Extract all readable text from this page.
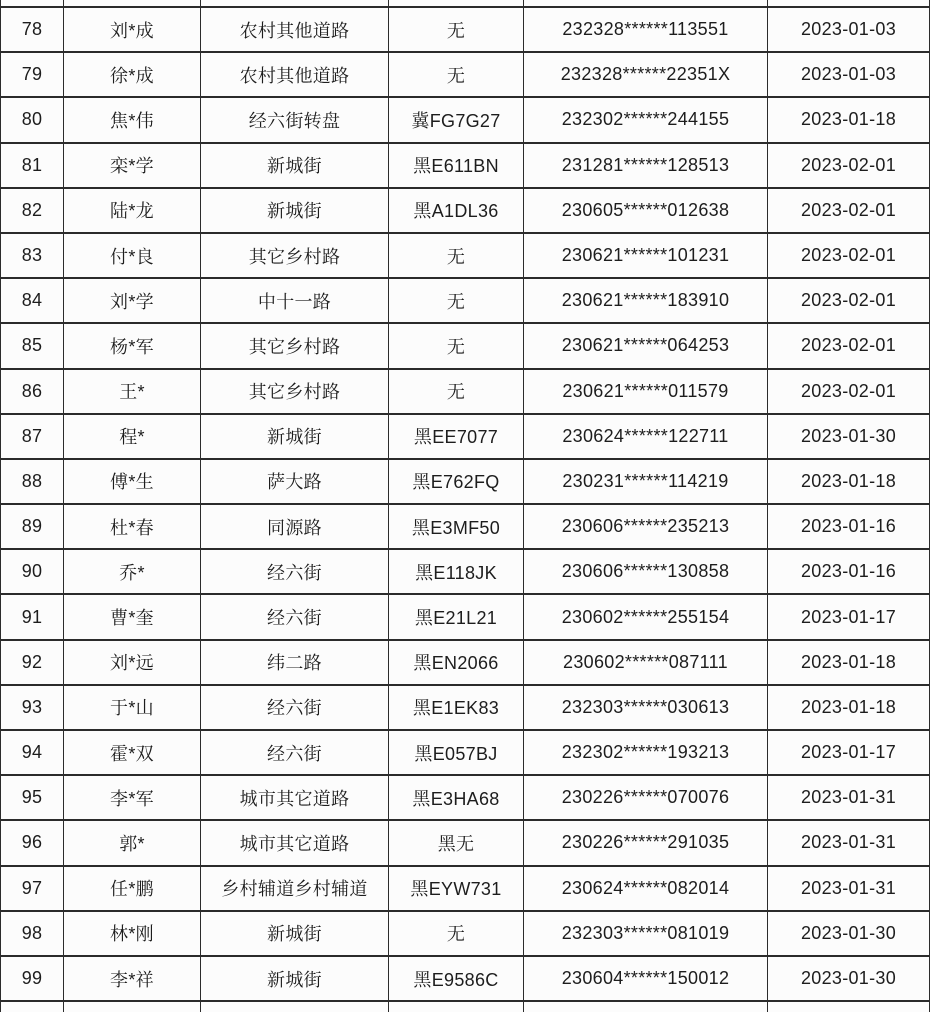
78	刘*成	农村其他道路	无	232328******113551	2023-01-03
79	徐*成	农村其他道路	无	232328******22351X	2023-01-03
80	焦*伟	经六街转盘	冀FG7G27	232302******244155	2023-01-18
81	栾*学	新城街	黑E611BN	231281******128513	2023-02-01
82	陆*龙	新城街	黑A1DL36	230605******012638	2023-02-01
83	付*良	其它乡村路	无	230621******101231	2023-02-01
84	刘*学	中十一路	无	230621******183910	2023-02-01
85	杨*军	其它乡村路	无	230621******064253	2023-02-01
86	王*	其它乡村路	无	230621******011579	2023-02-01
87	程*	新城街	黑EE7077	230624******122711	2023-01-30
88	傅*生	萨大路	黑E762FQ	230231******114219	2023-01-18
89	杜*春	同源路	黑E3MF50	230606******235213	2023-01-16
90	乔*	经六街	黑E118JK	230606******130858	2023-01-16
91	曹*奎	经六街	黑E21L21	230602******255154	2023-01-17
92	刘*远	纬二路	黑EN2066	230602******087111	2023-01-18
93	于*山	经六街	黑E1EK83	232303******030613	2023-01-18
94	霍*双	经六街	黑E057BJ	232302******193213	2023-01-17
95	李*军	城市其它道路	黑E3HA68	230226******070076	2023-01-31
96	郭*	城市其它道路	黑无	230226******291035	2023-01-31
97	任*鹏	乡村辅道乡村辅道	黑EYW731	230624******082014	2023-01-31
98	林*刚	新城街	无	232303******081019	2023-01-30
99	李*祥	新城街	黑E9586C	230604******150012	2023-01-30
